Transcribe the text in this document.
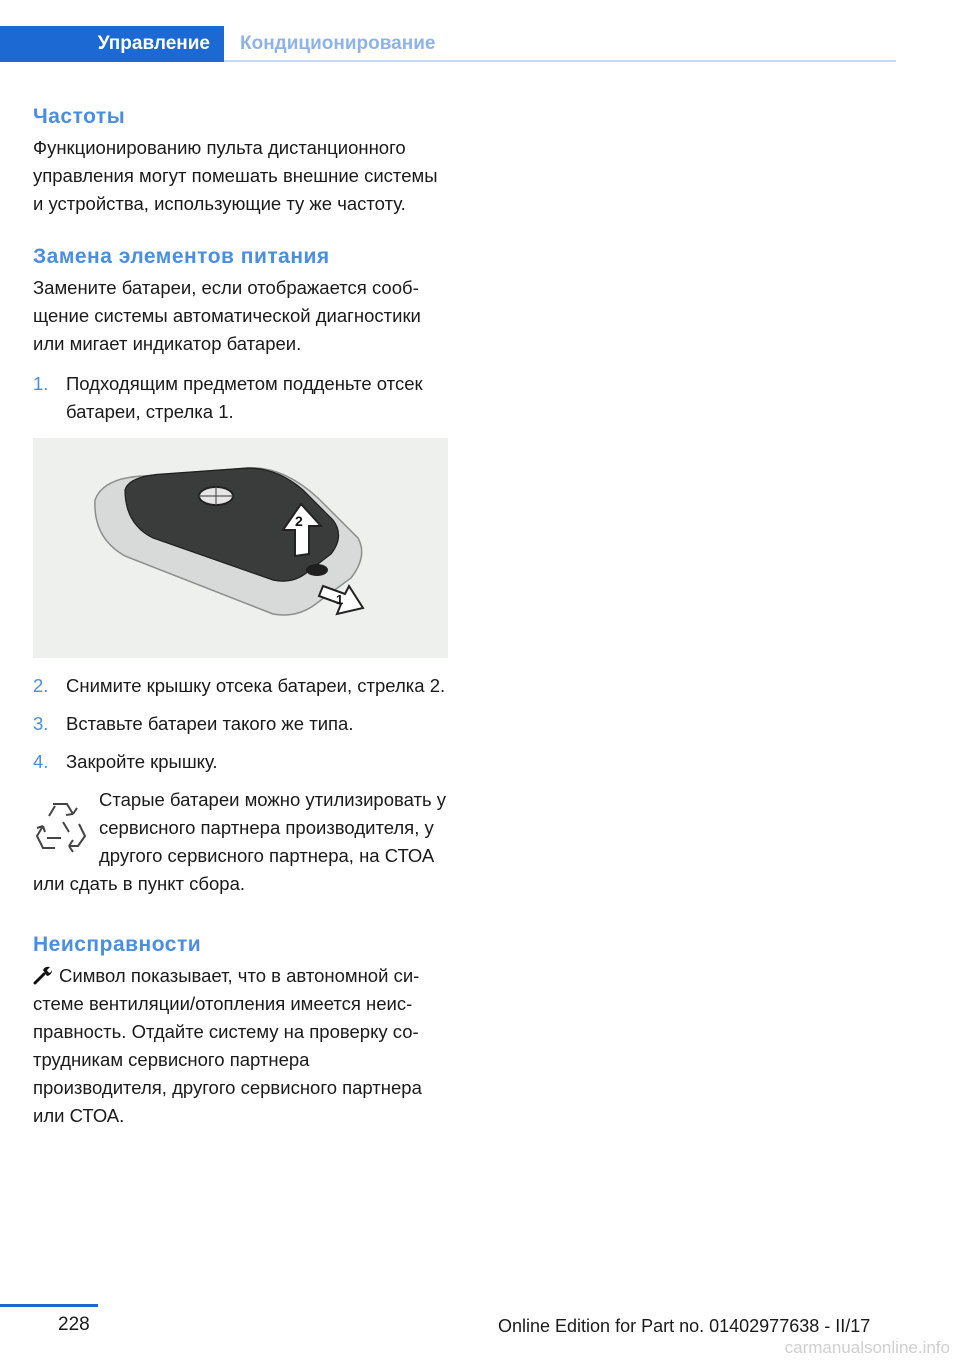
Управление	Кондиционирование
Частоты

Функционированию пульта дистанционного управления могут помешать внешние системы и устройства, использующие ту же частоту.

Замена элементов питания

Замените батареи, если отображается сообщение системы автоматической диагностики или мигает индикатор батареи.

1. Подходящим предметом подденьте отсек батареи, стрелка 1.
2
1
2. Снимите крышку отсека батареи, стрелка 2.
3. Вставьте батареи такого же типа.
4. Закройте крышку.

Старые батареи можно утилизировать у сервисного партнера производителя, у другого сервисного партнера, на СТОА или сдать в пункт сбора.

Неисправности

Символ показывает, что в автономной системе вентиляции/отопления имеется неисправность. Отдайте систему на проверку сотрудникам сервисного партнера производителя, другого сервисного партнера или СТОА.

228	Online Edition for Part no. 01402977638 - II/17
carmanualsonline.info
